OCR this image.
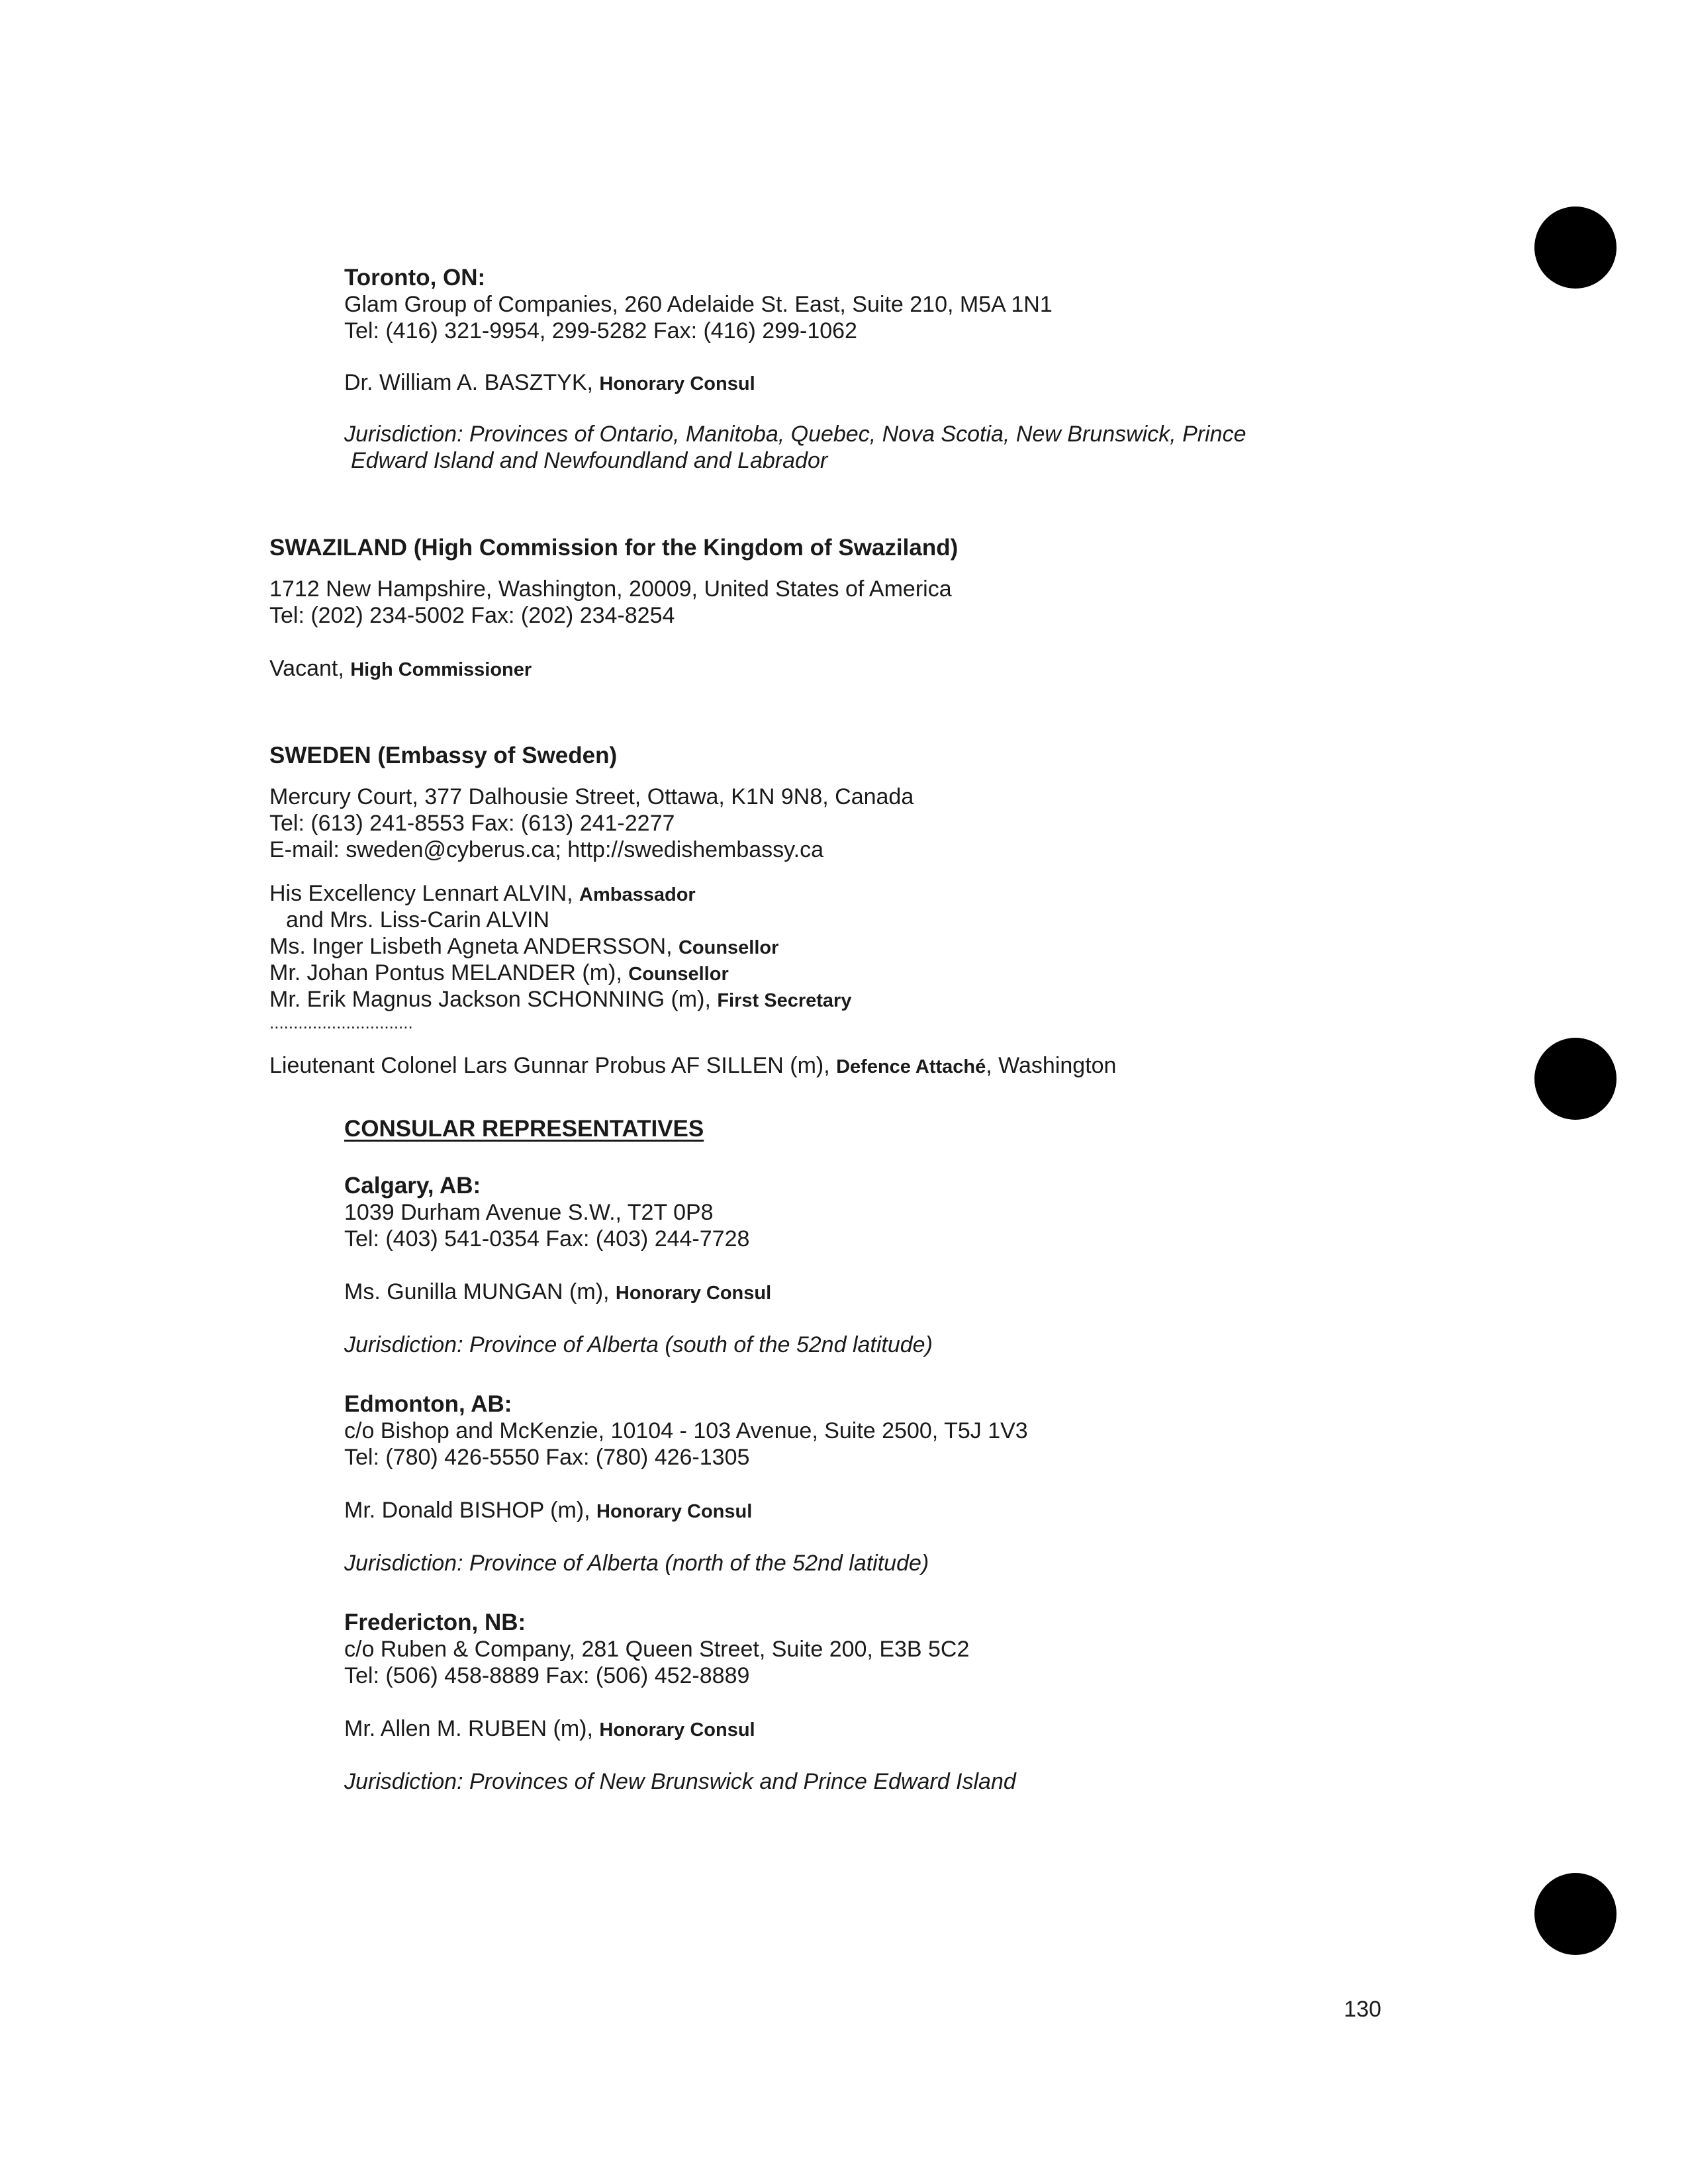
Toronto, ON:
Glam Group of Companies, 260 Adelaide St. East, Suite 210, M5A 1N1
Tel: (416) 321-9954, 299-5282 Fax: (416) 299-1062
Dr. William A. BASZTYK, Honorary Consul
Jurisdiction: Provinces of Ontario, Manitoba, Quebec, Nova Scotia, New Brunswick, Prince
Edward Island and Newfoundland and Labrador
SWAZILAND (High Commission for the Kingdom of Swaziland)
1712 New Hampshire, Washington, 20009, United States of America
Tel: (202) 234-5002 Fax: (202) 234-8254
Vacant, High Commissioner
SWEDEN (Embassy of Sweden)
Mercury Court, 377 Dalhousie Street, Ottawa, K1N 9N8, Canada
Tel: (613) 241-8553 Fax: (613) 241-2277
E-mail: sweden@cyberus.ca; http://swedishembassy.ca
His Excellency Lennart ALVIN, Ambassador
and Mrs. Liss-Carin ALVIN
Ms. Inger Lisbeth Agneta ANDERSSON, Counsellor
Mr. Johan Pontus MELANDER (m), Counsellor
Mr. Erik Magnus Jackson SCHONNING (m), First Secretary
..............................
Lieutenant Colonel Lars Gunnar Probus AF SILLEN (m), Defence Attaché, Washington
CONSULAR REPRESENTATIVES
Calgary, AB:
1039 Durham Avenue S.W., T2T 0P8
Tel: (403) 541-0354 Fax: (403) 244-7728
Ms. Gunilla MUNGAN (m), Honorary Consul
Jurisdiction: Province of Alberta (south of the 52nd latitude)
Edmonton, AB:
c/o Bishop and McKenzie, 10104 - 103 Avenue, Suite 2500, T5J 1V3
Tel: (780) 426-5550 Fax: (780) 426-1305
Mr. Donald BISHOP (m), Honorary Consul
Jurisdiction: Province of Alberta (north of the 52nd latitude)
Fredericton, NB:
c/o Ruben & Company, 281 Queen Street, Suite 200, E3B 5C2
Tel: (506) 458-8889 Fax: (506) 452-8889
Mr. Allen M. RUBEN (m), Honorary Consul
Jurisdiction: Provinces of New Brunswick and Prince Edward Island
130
